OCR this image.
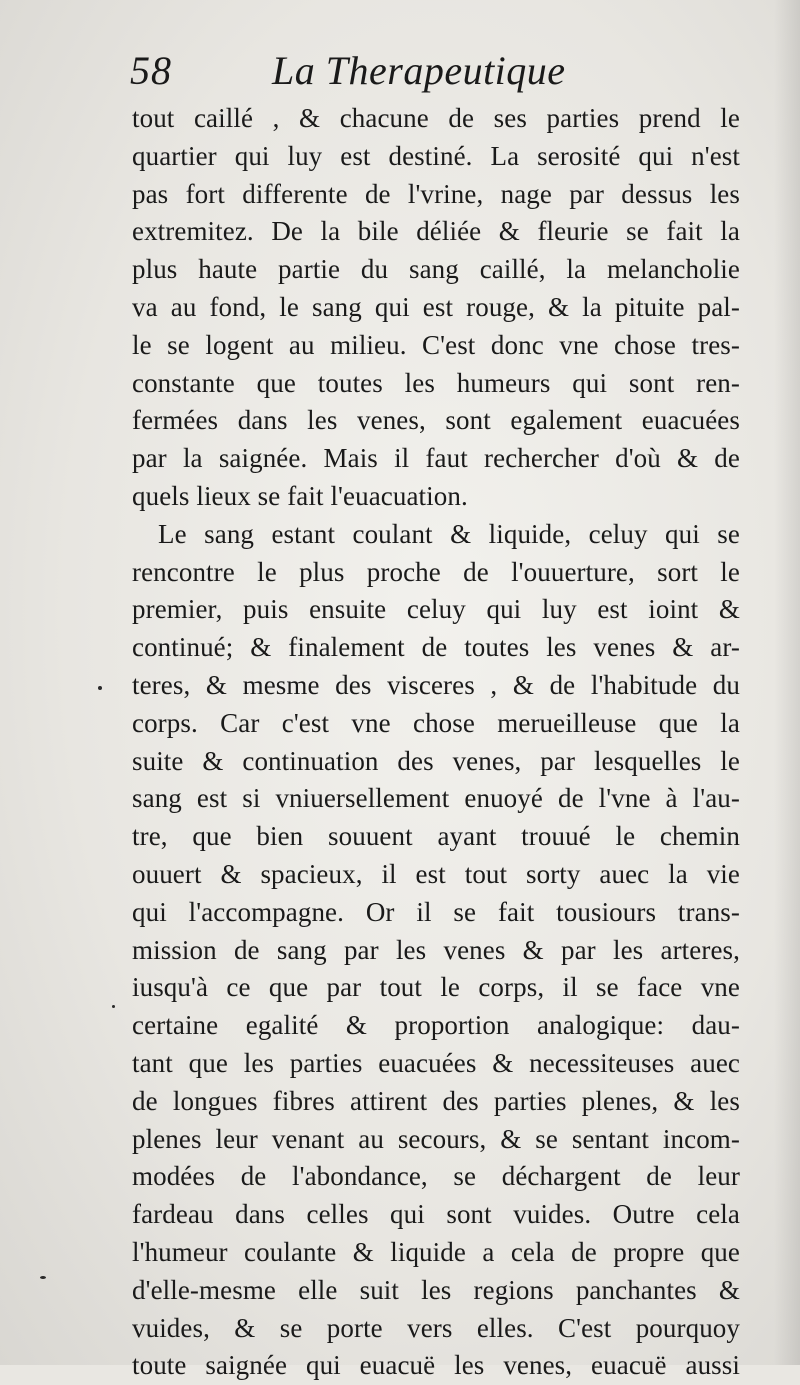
58	La Therapeutique
tout caillé , & chacune de ses parties prend le
quartier qui luy est destiné. La serosité qui n'est
pas fort differente de l'vrine, nage par dessus les
extremitez. De la bile déliée & fleurie se fait la
plus haute partie du sang caillé, la melancholie
va au fond, le sang qui est rouge, & la pituite pal-
le se logent au milieu. C'est donc vne chose tres-
constante que toutes les humeurs qui sont ren-
fermées dans les venes, sont egalement euacuées
par la saignée. Mais il faut rechercher d'où & de
quels lieux se fait l'euacuation.
Le sang estant coulant & liquide, celuy qui se
rencontre le plus proche de l'ouuerture, sort le
premier, puis ensuite celuy qui luy est ioint &
continué; & finalement de toutes les venes & ar-
teres, & mesme des visceres , & de l'habitude du
corps. Car c'est vne chose merueilleuse que la
suite & continuation des venes, par lesquelles le
sang est si vniuersellement enuoyé de l'vne à l'au-
tre, que bien souuent ayant trouué le chemin
ouuert & spacieux, il est tout sorty auec la vie
qui l'accompagne. Or il se fait tousiours trans-
mission de sang par les venes & par les arteres,
iusqu'à ce que par tout le corps, il se face vne
certaine egalité & proportion analogique: dau-
tant que les parties euacuées & necessiteuses auec
de longues fibres attirent des parties plenes, & les
plenes leur venant au secours, & se sentant incom-
modées de l'abondance, se déchargent de leur
fardeau dans celles qui sont vuides. Outre cela
l'humeur coulante & liquide a cela de propre que
d'elle-mesme elle suit les regions panchantes &
vuides, & se porte vers elles. C'est pourquoy
toute saignée qui euacuë les venes, euacuë aussi
